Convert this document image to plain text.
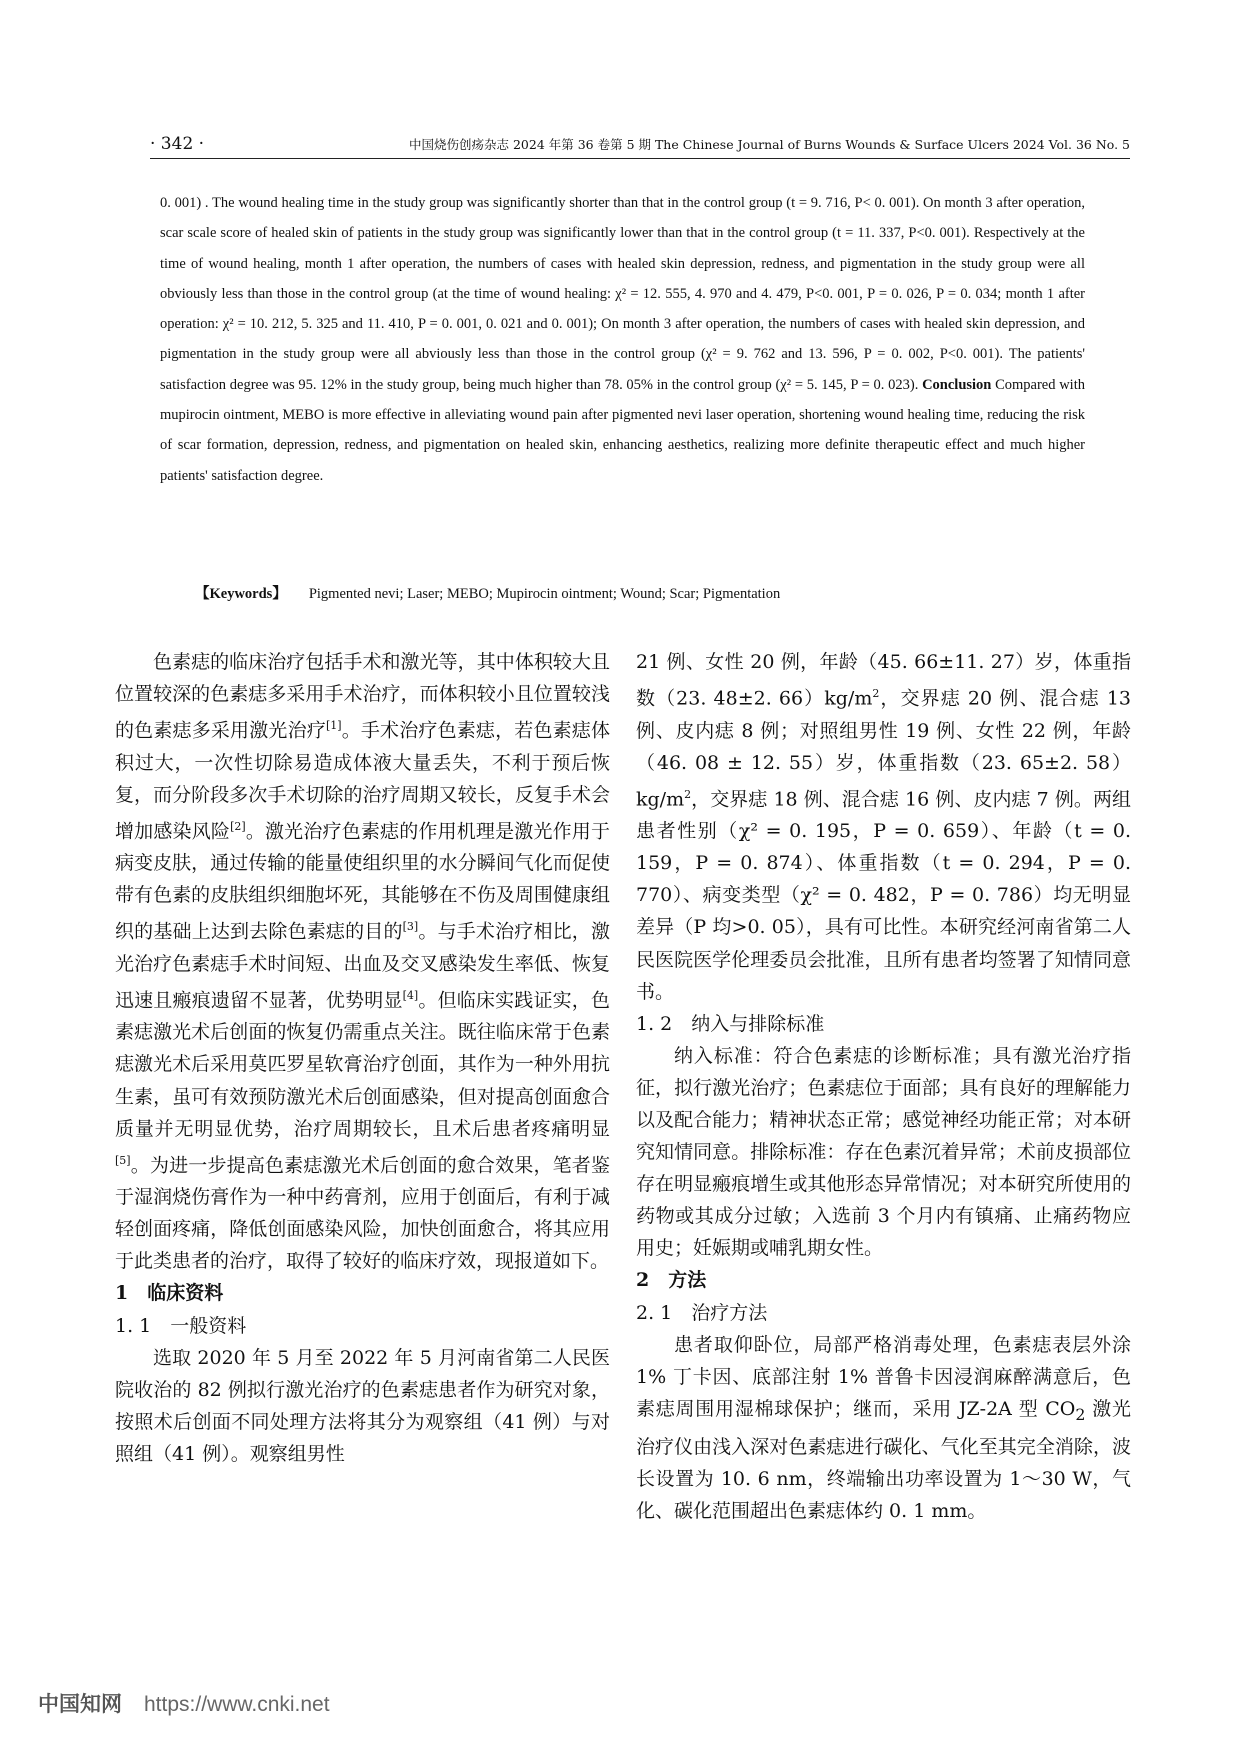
· 342 ·	中国烧伤创疡杂志 2024 年第 36 卷第 5 期 The Chinese Journal of Burns Wounds & Surface Ulcers 2024 Vol. 36 No. 5

0. 001) . The wound healing time in the study group was significantly shorter than that in the control group (t = 9. 716, P< 0. 001). On month 3 after operation, scar scale score of healed skin of patients in the study group was significantly lower than that in the control group (t = 11. 337, P<0. 001). Respectively at the time of wound healing, month 1 after operation, the numbers of cases with healed skin depression, redness, and pigmentation in the study group were all obviously less than those in the control group (at the time of wound healing: χ² = 12. 555, 4. 970 and 4. 479, P<0. 001, P = 0. 026, P = 0. 034; month 1 after operation: χ² = 10. 212, 5. 325 and 11. 410, P = 0. 001, 0. 021 and 0. 001); On month 3 after operation, the numbers of cases with healed skin depression, and pigmentation in the study group were all abviously less than those in the control group (χ² = 9. 762 and 13. 596, P = 0. 002, P<0. 001). The patients' satisfaction degree was 95. 12% in the study group, being much higher than 78. 05% in the control group (χ² = 5. 145, P = 0. 023). Conclusion Compared with mupirocin ointment, MEBO is more effective in alleviating wound pain after pigmented nevi laser operation, shortening wound healing time, reducing the risk of scar formation, depression, redness, and pigmentation on healed skin, enhancing aesthetics, realizing more definite therapeutic effect and much higher patients' satisfaction degree.

【Keywords】 Pigmented nevi; Laser; MEBO; Mupirocin ointment; Wound; Scar; Pigmentation

色素痣的临床治疗包括手术和激光等，其中体积较大且位置较深的色素痣多采用手术治疗，而体积较小且位置较浅的色素痣多采用激光治疗[1]。手术治疗色素痣，若色素痣体积过大，一次性切除易造成体液大量丢失，不利于预后恢复，而分阶段多次手术切除的治疗周期又较长，反复手术会增加感染风险[2]。激光治疗色素痣的作用机理是激光作用于病变皮肤，通过传输的能量使组织里的水分瞬间气化而促使带有色素的皮肤组织细胞坏死，其能够在不伤及周围健康组织的基础上达到去除色素痣的目的[3]。与手术治疗相比，激光治疗色素痣手术时间短、出血及交叉感染发生率低、恢复迅速且瘢痕遗留不显著，优势明显[4]。但临床实践证实，色素痣激光术后创面的恢复仍需重点关注。既往临床常于色素痣激光术后采用莫匹罗星软膏治疗创面，其作为一种外用抗生素，虽可有效预防激光术后创面感染，但对提高创面愈合质量并无明显优势，治疗周期较长，且术后患者疼痛明显[5]。为进一步提高色素痣激光术后创面的愈合效果，笔者鉴于湿润烧伤膏作为一种中药膏剂，应用于创面后，有利于减轻创面疼痛，降低创面感染风险，加快创面愈合，将其应用于此类患者的治疗，取得了较好的临床疗效，现报道如下。

1　临床资料

1. 1　一般资料

选取 2020 年 5 月至 2022 年 5 月河南省第二人民医院收治的 82 例拟行激光治疗的色素痣患者作为研究对象，按照术后创面不同处理方法将其分为观察组（41 例）与对照组（41 例）。观察组男性

21 例、女性 20 例，年龄（45. 66±11. 27）岁，体重指数（23. 48±2. $66)kg/m^2$，交界痣 20 例、混合痣 13 例、皮内痣 8 例；对照组男性 19 例、女性 22 例，年龄（46. 08 ± 12. 55）岁，体重指数（23. 65±2. $58)kg/m^2$，交界痣 18 例、混合痣 16 例、皮内痣 7 例。两组患者性别（χ² = 0. 195，P = 0. 659）、年龄（t = 0. 159，P = 0. 874）、体重指数（t = 0. 294，P = 0. 770）、病变类型（χ² = 0. 482，P = 0. 786）均无明显差异（P 均>0. 05），具有可比性。本研究经河南省第二人民医院医学伦理委员会批准，且所有患者均签署了知情同意书。

1. 2　纳入与排除标准

纳入标准：符合色素痣的诊断标准；具有激光治疗指征，拟行激光治疗；色素痣位于面部；具有良好的理解能力以及配合能力；精神状态正常；感觉神经功能正常；对本研究知情同意。排除标准：存在色素沉着异常；术前皮损部位存在明显瘢痕增生或其他形态异常情况；对本研究所使用的药物或其成分过敏；入选前 3 个月内有镇痛、止痛药物应用史；妊娠期或哺乳期女性。

2　方法

2. 1　治疗方法

患者取仰卧位，局部严格消毒处理，色素痣表层外涂 1% 丁卡因、底部注射 1% 普鲁卡因浸润麻醉满意后，色素痣周围用湿棉球保护；继而，采用 JZ-2A 型 $CO_2$ 激光治疗仪由浅入深对色素痣进行碳化、气化至其完全消除，波长设置为 10. 6 nm，终端输出功率设置为 1～30 W，气化、碳化范围超出色素痣体约 0. 1 mm。

中国知网 https://www.cnki.net
